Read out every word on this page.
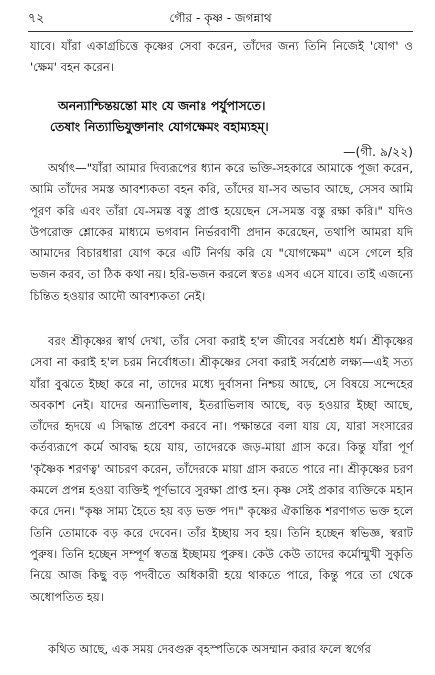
৭২	গৌর - কৃষ্ণ - জগন্নাথ
যাবে। যাঁরা একাগ্রচিত্তে কৃষ্ণের সেবা করেন, তাঁদের জন্য তিনি নিজেই 'যোগ' ও 'ক্ষেম' বহন করেন।
অনন্যাশ্চিন্তয়ন্তো মাং যে জনাঃ পর্যুপাসতে।
তেষাং নিত্যাভিযুক্তানাং যোগক্ষেমং বহাম্যহম্‌।
—(গী. ৯/২২)
অর্থাৎ—"যাঁরা আমার দিব্যরূপের ধ্যান করে ভক্তি-সহকারে আমাকে পূজা করেন, আমি তাঁদের সমস্ত আবশ্যকতা বহন করি, তাঁদের যা-সব অভাব আছে, সেসব আমি পূরণ করি এবং তাঁরা যে-সমস্ত বস্তু প্রাপ্ত হয়েছেন সে-সমস্ত বস্তু রক্ষা করি।" যদিও উপরোক্ত শ্লোকের মাধ্যমে ভগবান নির্ভরবাণী প্রদান করেছেন, তথাপি আমরা যদি আমাদের বিচারধারা যোগ করে এটি নির্ণয় করি যে "যোগক্ষেম" এসে গেলে হরি ভজন করব, তা ঠিক কথা নয়। হরি-ভজন করলে স্বতঃ এসব এসে যাবে। তাই এজন্যে চিন্তিত হওয়ার আদৌ আবশ্যকতা নেই।
বরং শ্রীকৃষ্ণের স্বার্থ দেখা, তাঁর সেবা করাই হ'ল জীবের সর্বশ্রেষ্ঠ ধর্ম। শ্রীকৃষ্ণের সেবা না করাই হ'ল চরম নির্বোধতা। শ্রীকৃষ্ণের সেবা করাই সর্বশ্রেষ্ঠ লক্ষ্য—এই সত্য যাঁরা বুঝতে ইচ্ছা করে না, তাদের মধ্যে দুর্বাসনা নিশ্চয় আছে, সে বিষয়ে সন্দেহের অবকাশ নেই। যাদের অন্যাভিলাষ, ইতরাভিলাষ আছে, বড় হওয়ার ইচ্ছা আছে, তাঁদের হৃদয়ে এ সিদ্ধান্ত প্রবেশ করবে না। পক্ষান্তরে বলা যায় যে, যারা সংসারের কর্তব্যরূপে কর্মে আবদ্ধ হয়ে যায়, তাদেরকে জড়-মায়া গ্রাস করে। কিন্তু যাঁরা পূর্ণ 'কৃষ্ণৈক শরণত্ব' আচরণ করেন, তাঁদেরকে মায়া গ্রাস করতে পারে না। শ্রীকৃষ্ণের চরণ কমলে প্রপন্ন হওয়া ব্যক্তিই পূর্ণভাবে সুরক্ষা প্রাপ্ত হন। কৃষ্ণ সেই প্রকার ব্যক্তিকে মহান করে দেন। "কৃষ্ণ সাম্য হৈতে হয় বড় ভক্ত পদ।" কৃষ্ণের ঐকান্তিক শরণাগত ভক্ত হলে তিনি তোমাকে বড় করে দেবেন। তাঁর ইচ্ছায় সব হয়। তিনি হচ্ছেন স্বভিজ্ঞ, স্বরাট পুরুষ। তিনি হচ্ছেন সম্পূর্ণ স্বতন্ত্র ইচ্ছাময় পুরুষ। কেউ কেউ তাদের কর্মোন্মুখী সুকৃতি নিয়ে আজ কিছু বড় পদবীতে অধিকারী হয়ে থাকতে পারে, কিন্তু পরে তা থেকে অধোপতিত হয়।
কথিত আছে, এক সময় দেবগুরু বৃহস্পতিকে অসম্মান করার ফলে স্বর্গের
